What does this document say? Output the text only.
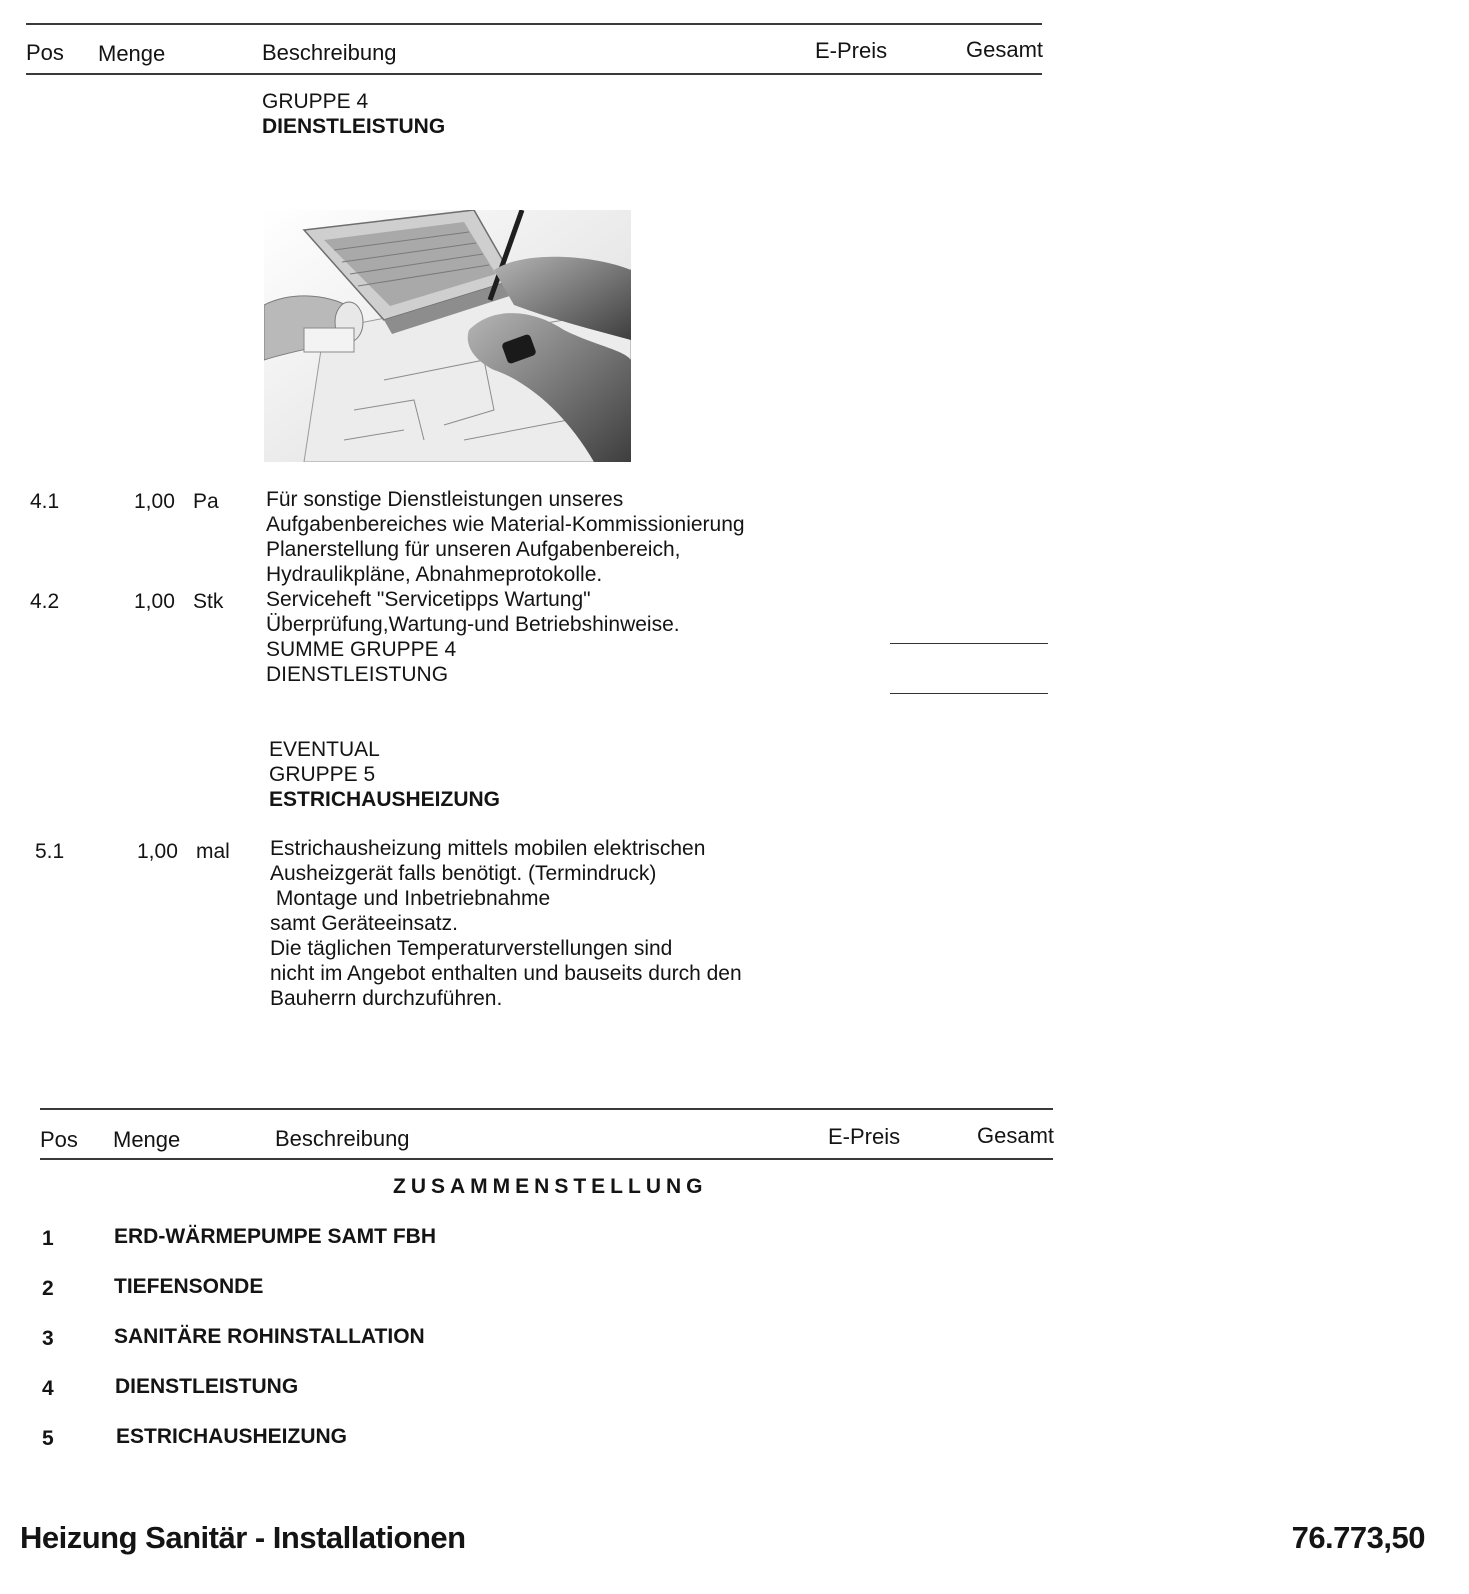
Pos Menge	Beschreibung	E-Preis	Gesamt
GRUPPE 4
DIENSTLEISTUNG
4.1	1,00 Pa Für sonstige Dienstleistungen unseres
Aufgabenbereiches wie Material-Kommissionierung
Planerstellung für unseren Aufgabenbereich,
Hydraulikpläne, Abnahmeprotokolle.
4.2	1,00 Stk Serviceheft "Servicetipps Wartung"
Überprüfung,Wartung-und Betriebshinweise.
SUMME GRUPPE 4
DIENSTLEISTUNG
EVENTUAL
GRUPPE 5
ESTRICHAUSHEIZUNG
5.1	1,00 mal Estrichausheizung mittels mobilen elektrischen
Ausheizgerät falls benötigt. (Termindruck)
Montage und Inbetriebnahme
samt Geräteeinsatz.
Die täglichen Temperaturverstellungen sind
nicht im Angebot enthalten und bauseits durch den
Bauherrn durchzuführen.
Pos Menge	Beschreibung	E-Preis	Gesamt
ZUSAMMENSTELLUNG
1	ERD-WÄRMEPUMPE SAMT FBH
2	TIEFENSONDE
3	SANITÄRE ROHINSTALLATION
4	DIENSTLEISTUNG
5	ESTRICHAUSHEIZUNG
Heizung Sanitär - Installationen	76.773,50
